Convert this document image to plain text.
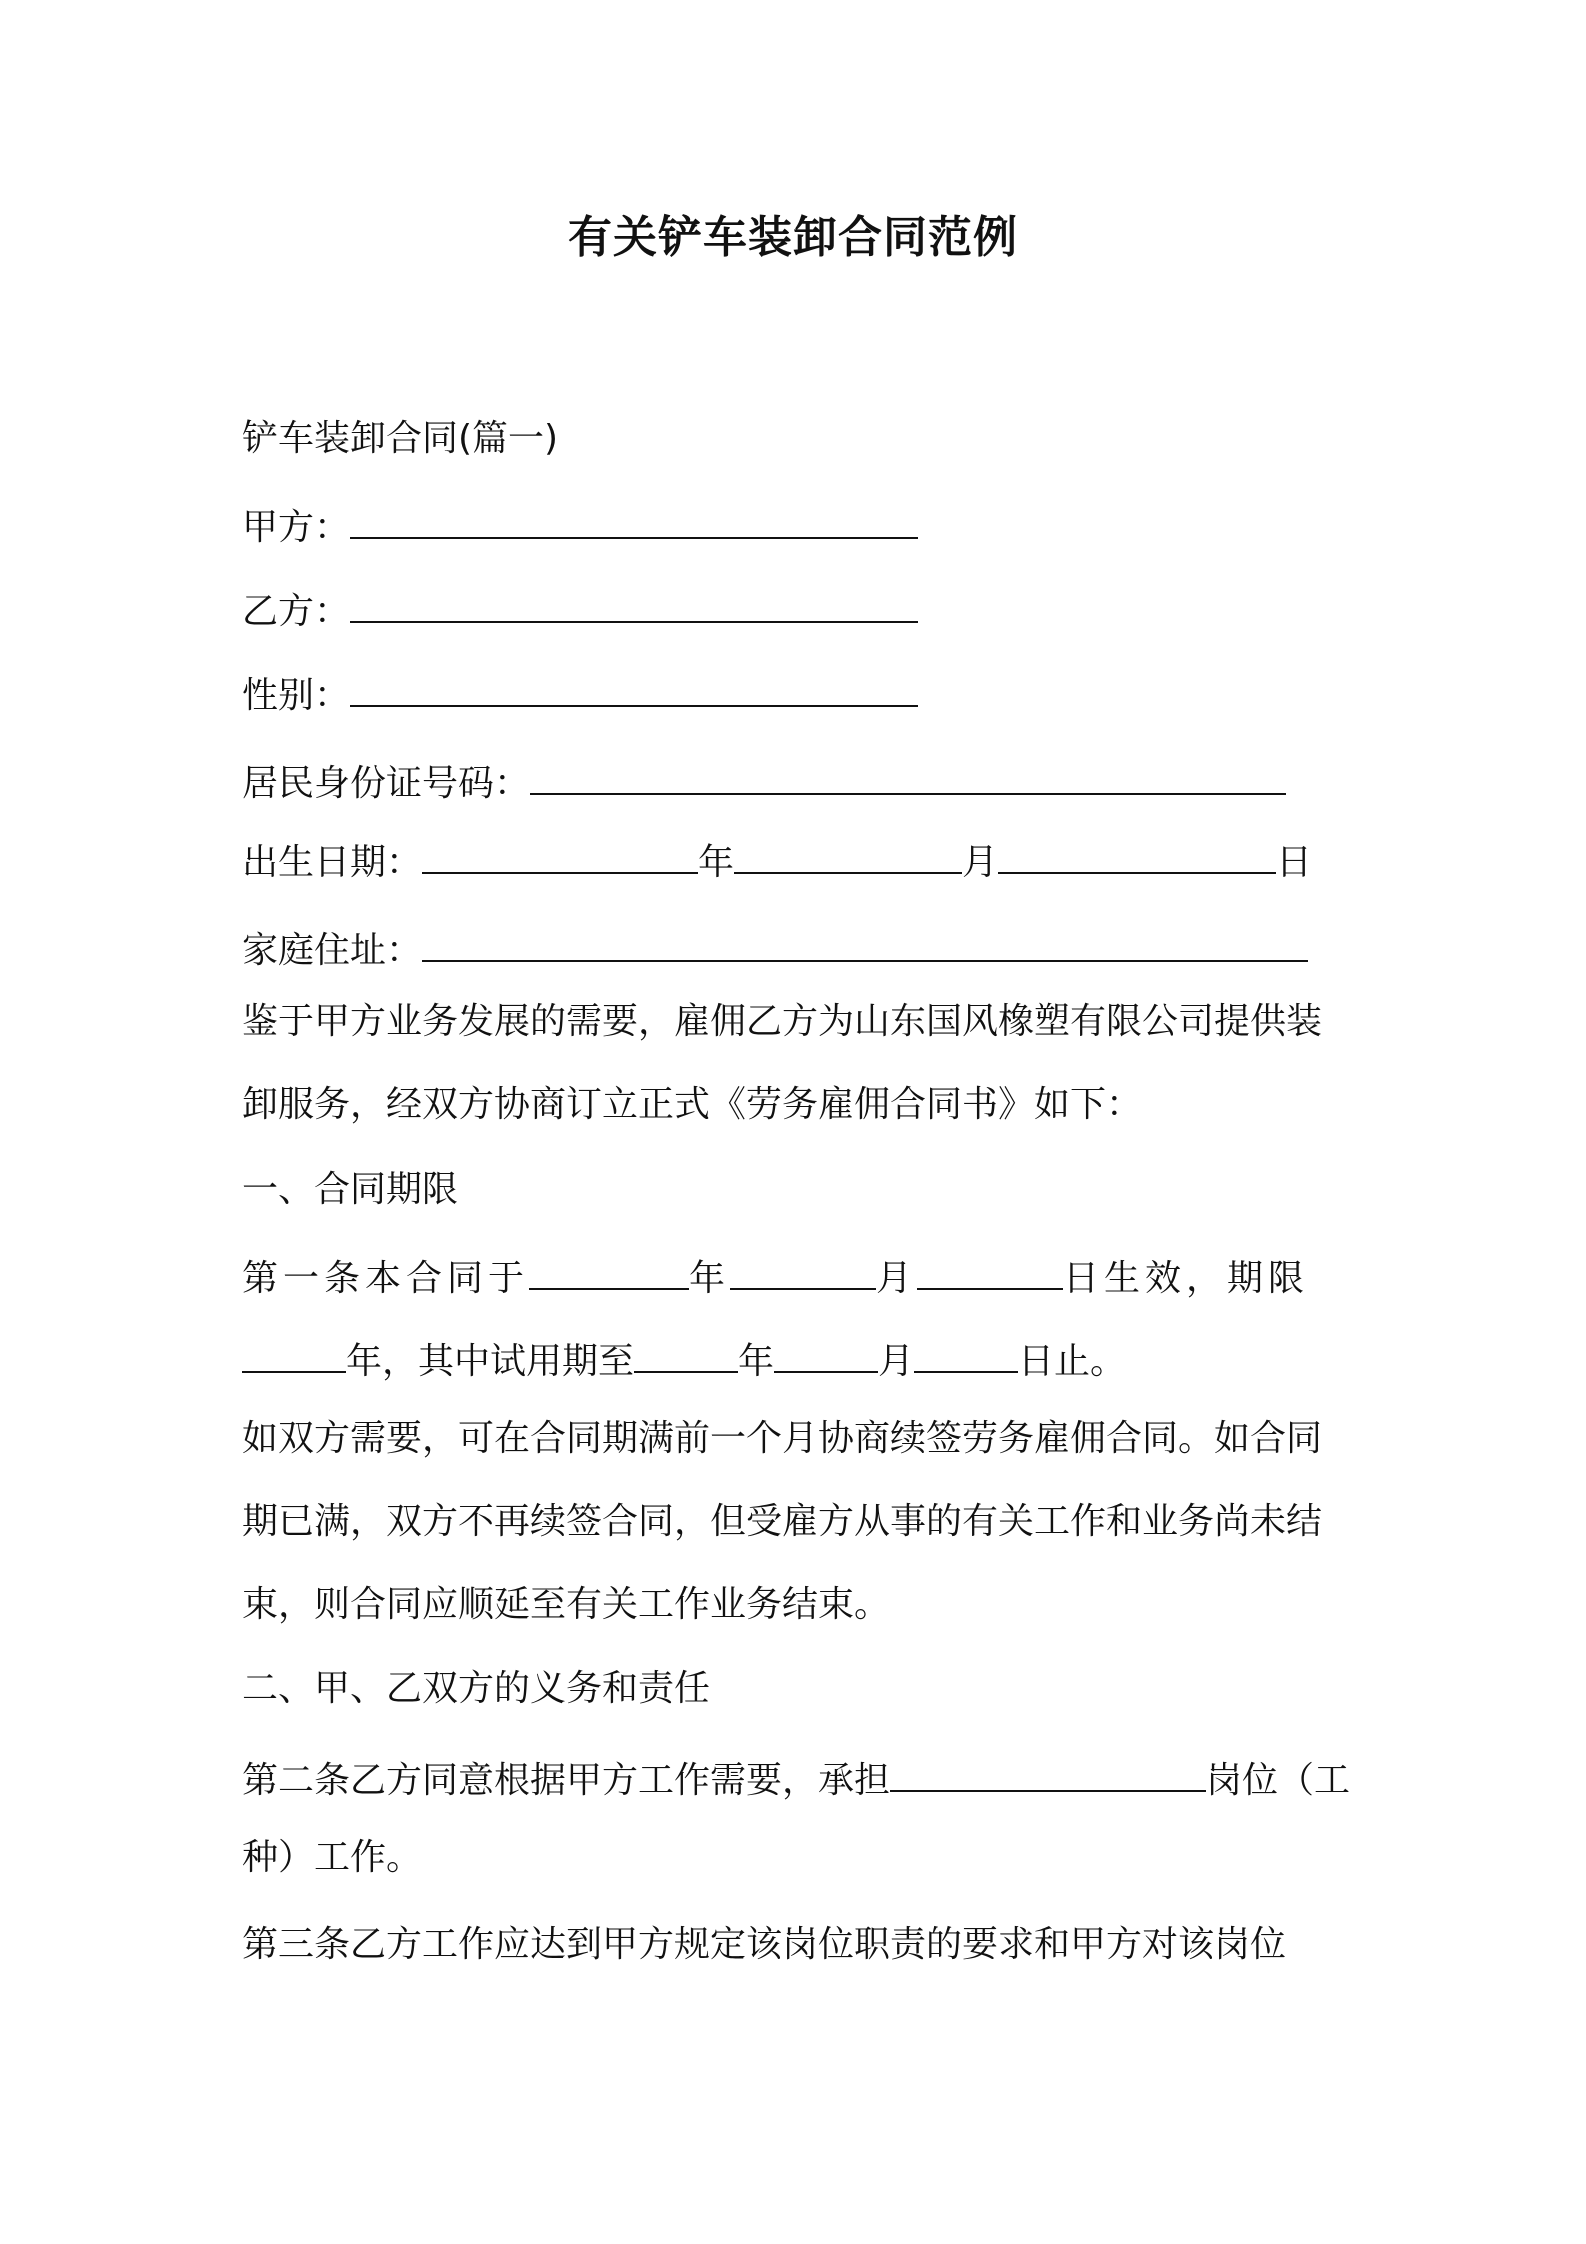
有关铲车装卸合同范例
铲车装卸合同(篇一)
甲方：
乙方：
性别：
居民身份证号码：
出生日期：	年	月	日
家庭住址：
鉴于甲方业务发展的需要，雇佣乙方为山东国风橡塑有限公司提供装
卸服务，经双方协商订立正式《劳务雇佣合同书》如下：
一、合同期限
第一条本合同于	年	月	日生效，期限
年，其中试用期至	年	月	日止。
如双方需要，可在合同期满前一个月协商续签劳务雇佣合同。如合同
期已满，双方不再续签合同，但受雇方从事的有关工作和业务尚未结
束，则合同应顺延至有关工作业务结束。
二、甲、乙双方的义务和责任
第二条乙方同意根据甲方工作需要，承担	岗位（工
种）工作。
第三条乙方工作应达到甲方规定该岗位职责的要求和甲方对该岗位
